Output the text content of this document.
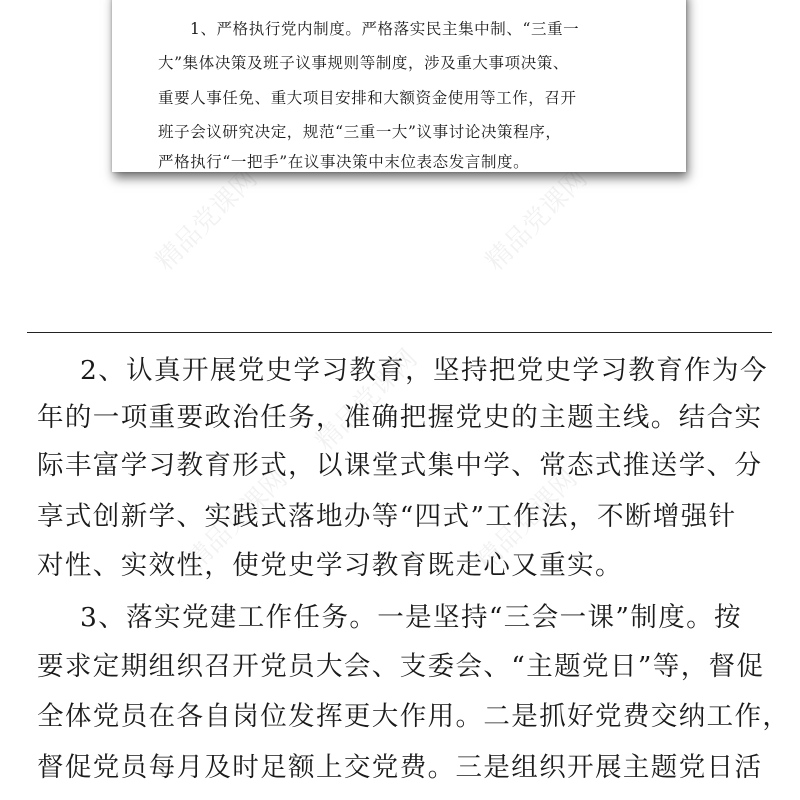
精品党课网	精品党课网
精品党课网
精品党课网	精品党课网
1、严格执行党内制度。严格落实民主集中制、“三重一
大”集体决策及班子议事规则等制度，涉及重大事项决策、
重要人事任免、重大项目安排和大额资金使用等工作，召开
班子会议研究决定，规范“三重一大”议事讨论决策程序，
严格执行“一把手”在议事决策中末位表态发言制度。
2、认真开展党史学习教育，坚持把党史学习教育作为今
年的一项重要政治任务，准确把握党史的主题主线。结合实
际丰富学习教育形式，以课堂式集中学、常态式推送学、分
享式创新学、实践式落地办等“四式”工作法，不断增强针
对性、实效性，使党史学习教育既走心又重实。
3、落实党建工作任务。一是坚持“三会一课”制度。按
要求定期组织召开党员大会、支委会、“主题党日”等，督促
全体党员在各自岗位发挥更大作用。二是抓好党费交纳工作，
督促党员每月及时足额上交党费。三是组织开展主题党日活
